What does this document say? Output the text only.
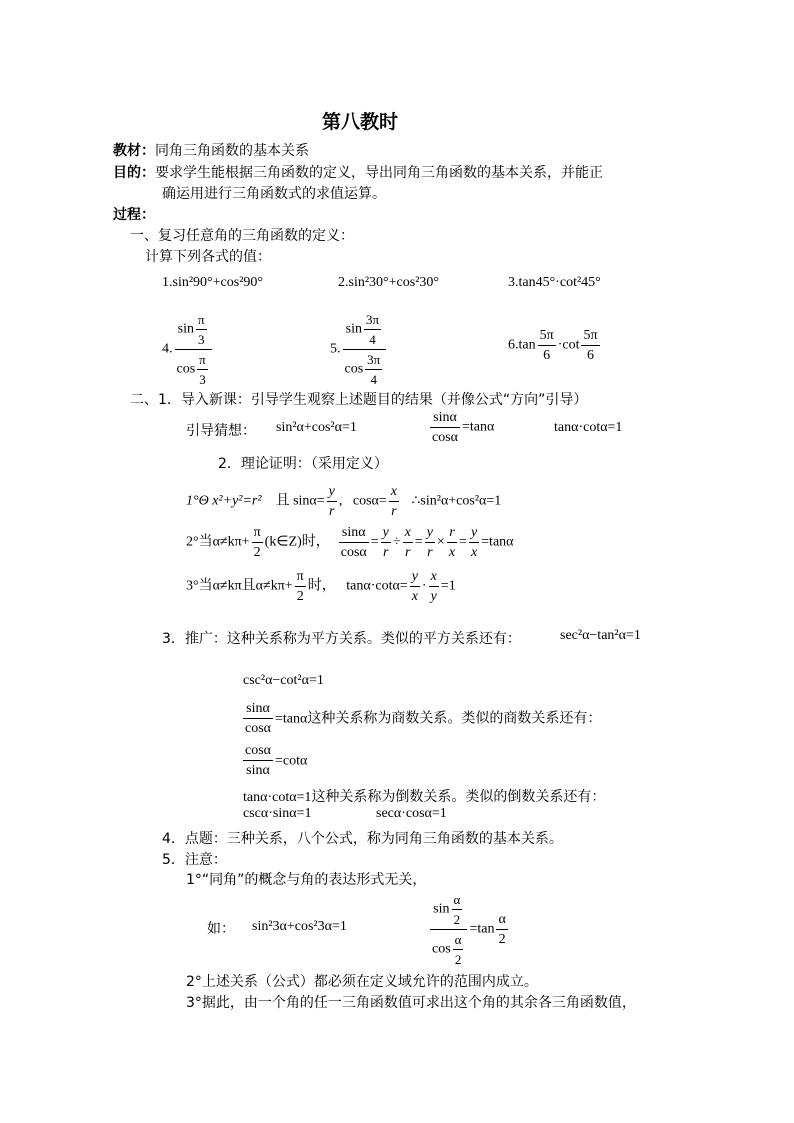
第八教时
教材：同角三角函数的基本关系
目的：要求学生能根据三角函数的定义，导出同角三角函数的基本关系，并能正
确运用进行三角函数式的求值运算。
过程：
一、复习任意角的三角函数的定义：
计算下列各式的值：
1.sin²90°+cos²90°	2.sin²30°+cos²30°	3.tan45°·cot²45°
4. $\frac{\sin \frac{\pi}{3}}{\cos \frac{\pi}{3}}$	5. $\frac{\sin \frac{3\pi}{4}}{\cos \frac{3\pi}{4}}$	$6.\tan \frac{5\pi}{6} \cdot\cot \frac{5\pi}{6}$
二、1．导入新课：引导学生观察上述题目的结果（并像公式“方向”引导）
引导猜想： sin²α+cos²α=1	$\frac{\sin\alpha}{\cos\alpha} =\tan\alpha$	tanα·cotα=1
2．理论证明：（采用定义）
1°Θ x²+y²=r² 且 $\sin\alpha= \frac{y}{r}$ ,   $\cos\alpha= \frac{x}{r}$ ∴sin²α+cos²α=1
2°当$\alpha\ne k\pi+ \frac{\pi}{2}$ (k∈Z)时， $\frac{\sin\alpha}{\cos\alpha} = \frac{y}{r} \div \frac{x}{r} = \frac{y}{r} \times \frac{r}{x} = \frac{y}{x} =\tan\alpha$
3°当α≠kπ且$\alpha\ne k\pi+ \frac{\pi}{2}$ 时， $\tan\alpha\cdot\cot\alpha= \frac{y}{x} \cdot \frac{x}{y} =1$
3．推广：这种关系称为平方关系。类似的平方关系还有：	sec²α−tan²α=1
csc²α−cot²α=1
$\frac{\sin\alpha}{\cos\alpha} =\tan\alpha$这种关系称为商数关系。类似的商数关系还有：
$\frac{\cos\alpha}{\sin\alpha} =\cot\alpha$
tanα·cotα=1这种关系称为倒数关系。类似的倒数关系还有：
cscα·sinα=1	secα·cosα=1
4．点题：三种关系，八个公式，称为同角三角函数的基本关系。
5．注意：
1°“同角”的概念与角的表达形式无关，
如： sin²3α+cos²3α=1	$\frac{\sin \frac{\alpha}{2}}{\cos \frac{\alpha}{2}} =\tan \frac{\alpha}{2}$
2°上述关系（公式）都必须在定义域允许的范围内成立。
3°据此，由一个角的任一三角函数值可求出这个角的其余各三角函数值，
